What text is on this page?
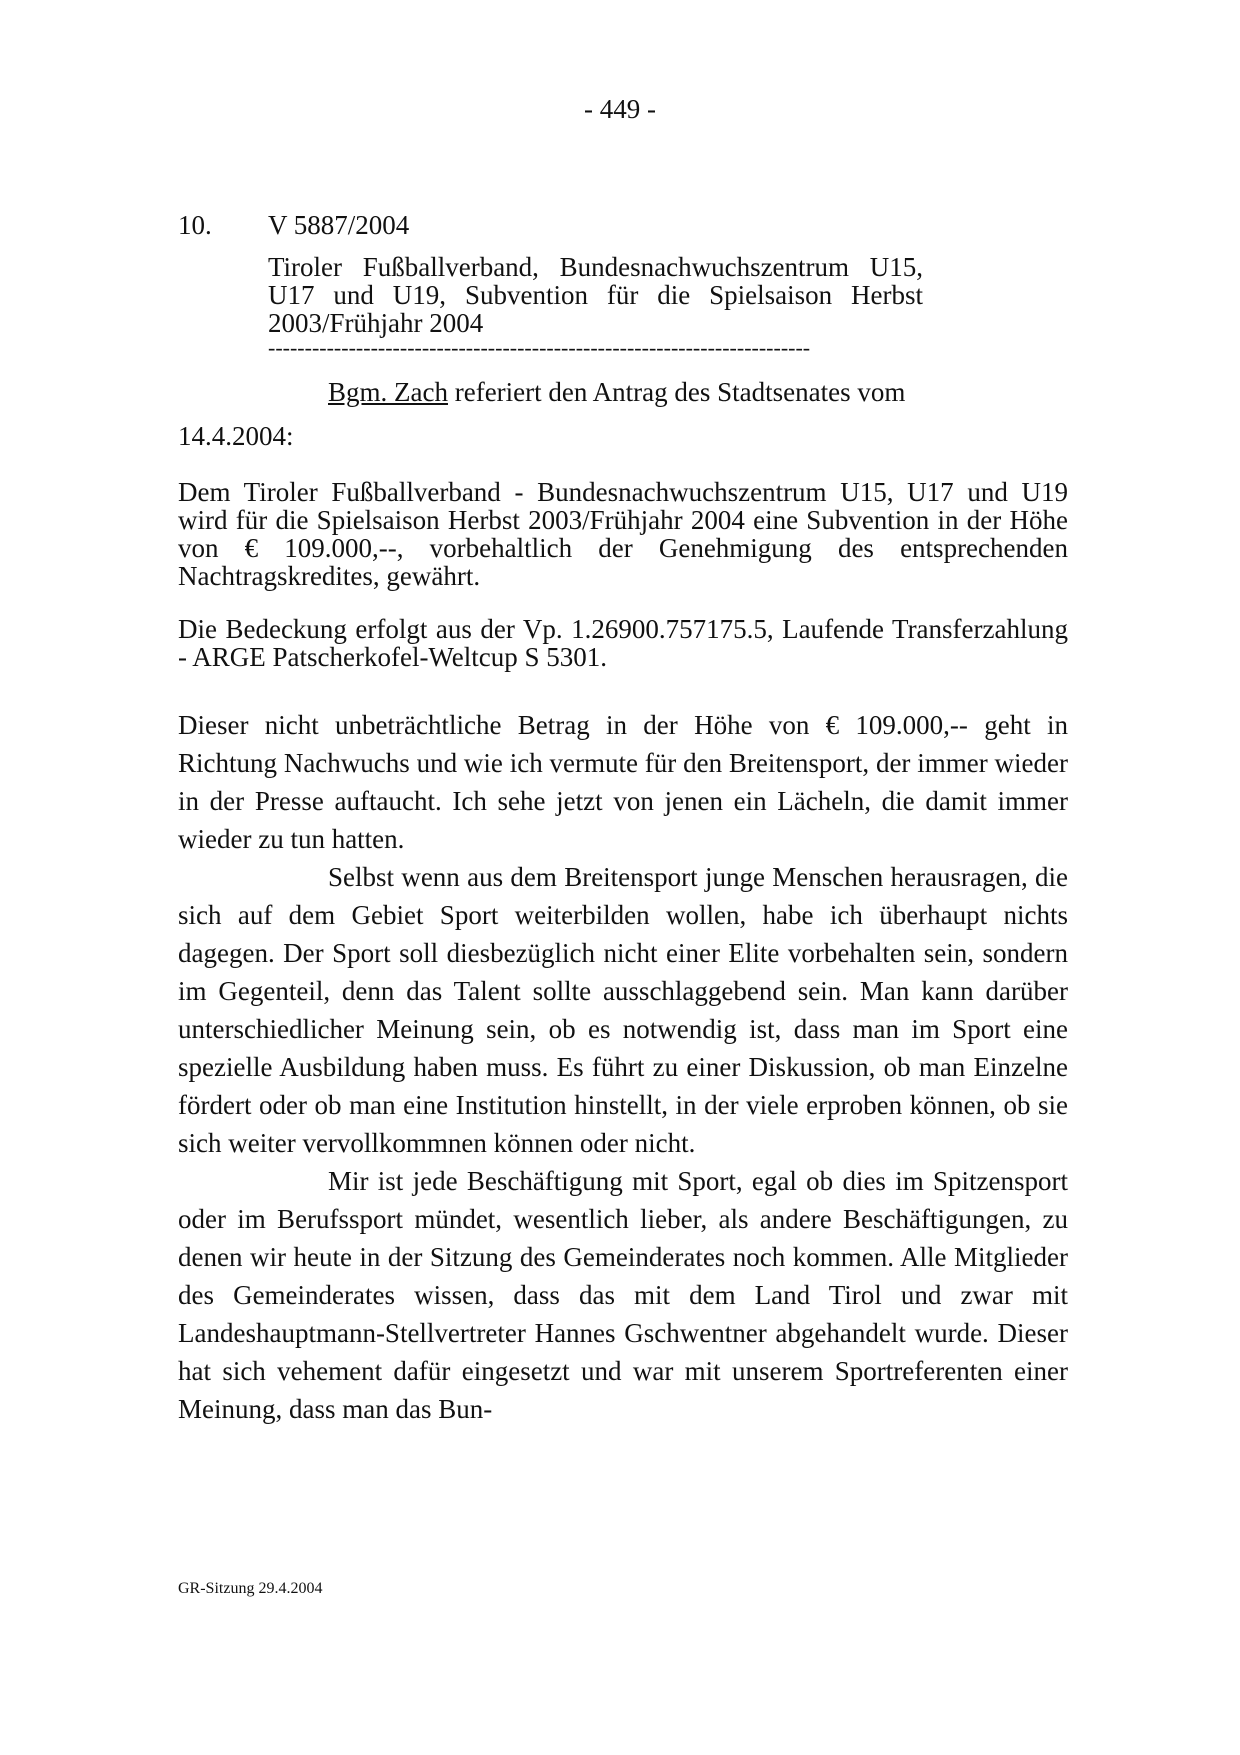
- 449 -
10. V 5887/2004
Tiroler Fußballverband, Bundesnachwuchszentrum U15, U17 und U19, Subvention für die Spielsaison Herbst 2003/Frühjahr 2004
--------------------------------------------------------------------------
Bgm. Zach referiert den Antrag des Stadtsenates vom
14.4.2004:

Dem Tiroler Fußballverband - Bundesnachwuchszentrum U15, U17 und U19 wird für die Spielsaison Herbst 2003/Frühjahr 2004 eine Subvention in der Höhe von € 109.000,--, vorbehaltlich der Genehmigung des entsprechenden Nachtragskredites, gewährt.

Die Bedeckung erfolgt aus der Vp. 1.26900.757175.5, Laufende Transferzahlung - ARGE Patscherkofel-Weltcup S 5301.

Dieser nicht unbeträchtliche Betrag in der Höhe von € 109.000,-- geht in Richtung Nachwuchs und wie ich vermute für den Breitensport, der immer wieder in der Presse auftaucht. Ich sehe jetzt von jenen ein Lächeln, die damit immer wieder zu tun hatten.

Selbst wenn aus dem Breitensport junge Menschen herausragen, die sich auf dem Gebiet Sport weiterbilden wollen, habe ich überhaupt nichts dagegen. Der Sport soll diesbezüglich nicht einer Elite vorbehalten sein, sondern im Gegenteil, denn das Talent sollte ausschlaggebend sein. Man kann darüber unterschiedlicher Meinung sein, ob es notwendig ist, dass man im Sport eine spezielle Ausbildung haben muss. Es führt zu einer Diskussion, ob man Einzelne fördert oder ob man eine Institution hinstellt, in der viele erproben können, ob sie sich weiter vervollkommnen können oder nicht.

Mir ist jede Beschäftigung mit Sport, egal ob dies im Spitzensport oder im Berufssport mündet, wesentlich lieber, als andere Beschäftigungen, zu denen wir heute in der Sitzung des Gemeinderates noch kommen. Alle Mitglieder des Gemeinderates wissen, dass das mit dem Land Tirol und zwar mit Landeshauptmann-Stellvertreter Hannes Gschwentner abgehandelt wurde. Dieser hat sich vehement dafür eingesetzt und war mit unserem Sportreferenten einer Meinung, dass man das Bun-

GR-Sitzung 29.4.2004
